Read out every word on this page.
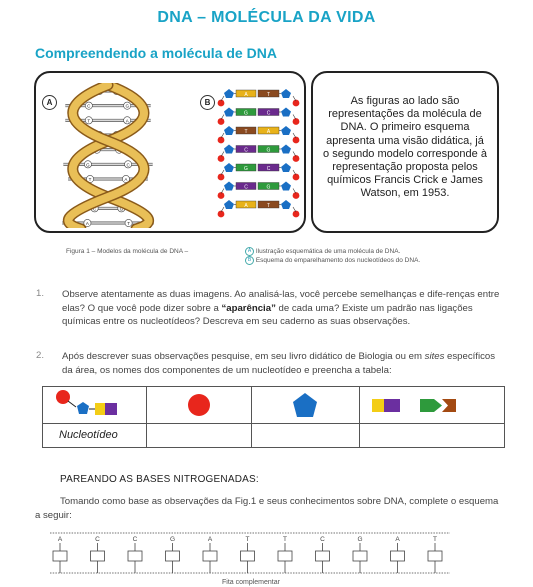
DNA – MOLÉCULA DA VIDA
Compreendendo a molécula de DNA
A	B
T	A
C	G
T	A
A	T
C	G
G	C
T	A
A T
C	G
A	T
A	T
G	C
T	A
C	G
G	C
C	G
A	T
As figuras ao lado são representações da molécula de DNA. O primeiro esquema apresenta uma visão didática, já o segundo modelo corresponde à representação proposta pelos químicos Francis Crick e James Watson, em 1953.
Figura 1 – Modelos da molécula de DNA –	A Ilustração esquemática de uma molécula de DNA.
B Esquema do emparelhamento dos nucleotídeos do DNA.
1. Observe atentamente as duas imagens. Ao analisá-las, você percebe semelhanças e dife-renças entre elas? O que você pode dizer sobre a “aparência” de cada uma? Existe um padrão nas ligações químicas entre os nucleotídeos? Descreva em seu caderno as suas observações.
2. Após descrever suas observações pesquise, em seu livro didático de Biologia ou em sites específicos da área, os nomes dos componentes de um nucleotídeo e preencha a tabela:

Nucleotídeo			
PAREANDO AS BASES NITROGENADAS:
Tomando como base as observações da Fig.1 e seus conhecimentos sobre DNA, complete o esquema a seguir:
A	C	C	G	A	T	T	C	G	A	T
Fita complementar
